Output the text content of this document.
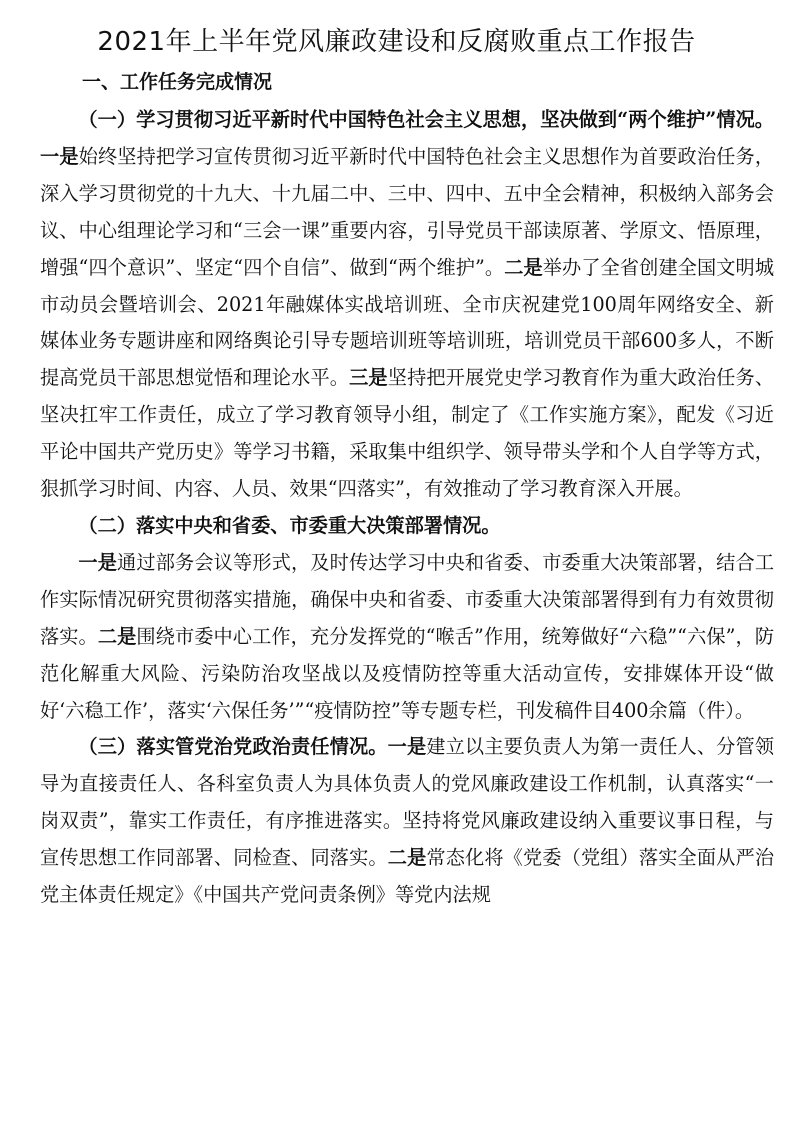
2021年上半年党风廉政建设和反腐败重点工作报告
一、工作任务完成情况

（一）学习贯彻习近平新时代中国特色社会主义思想，坚决做到“两个维护”情况。一是始终坚持把学习宣传贯彻习近平新时代中国特色社会主义思想作为首要政治任务，深入学习贯彻党的十九大、十九届二中、三中、四中、五中全会精神，积极纳入部务会议、中心组理论学习和“三会一课”重要内容，引导党员干部读原著、学原文、悟原理，增强“四个意识”、坚定“四个自信”、做到“两个维护”。二是举办了全省创建全国文明城市动员会暨培训会、2021年融媒体实战培训班、全市庆祝建党100周年网络安全、新媒体业务专题讲座和网络舆论引导专题培训班等培训班，培训党员干部600多人，不断提高党员干部思想觉悟和理论水平。三是坚持把开展党史学习教育作为重大政治任务、坚决扛牢工作责任，成立了学习教育领导小组，制定了《工作实施方案》，配发《习近平论中国共产党历史》等学习书籍，采取集中组织学、领导带头学和个人自学等方式，狠抓学习时间、内容、人员、效果“四落实”，有效推动了学习教育深入开展。

（二）落实中央和省委、市委重大决策部署情况。

一是通过部务会议等形式，及时传达学习中央和省委、市委重大决策部署，结合工作实际情况研究贯彻落实措施，确保中央和省委、市委重大决策部署得到有力有效贯彻落实。二是围绕市委中心工作，充分发挥党的“喉舌”作用，统筹做好“六稳”“六保”，防范化解重大风险、污染防治攻坚战以及疫情防控等重大活动宣传，安排媒体开设“做好‘六稳工作’，落实‘六保任务’”“疫情防控”等专题专栏，刊发稿件目400余篇（件）。

（三）落实管党治党政治责任情况。一是建立以主要负责人为第一责任人、分管领导为直接责任人、各科室负责人为具体负责人的党风廉政建设工作机制，认真落实“一岗双责”，靠实工作责任，有序推进落实。坚持将党风廉政建设纳入重要议事日程，与宣传思想工作同部署、同检查、同落实。二是常态化将《党委（党组）落实全面从严治党主体责任规定》《中国共产党问责条例》等党内法规
